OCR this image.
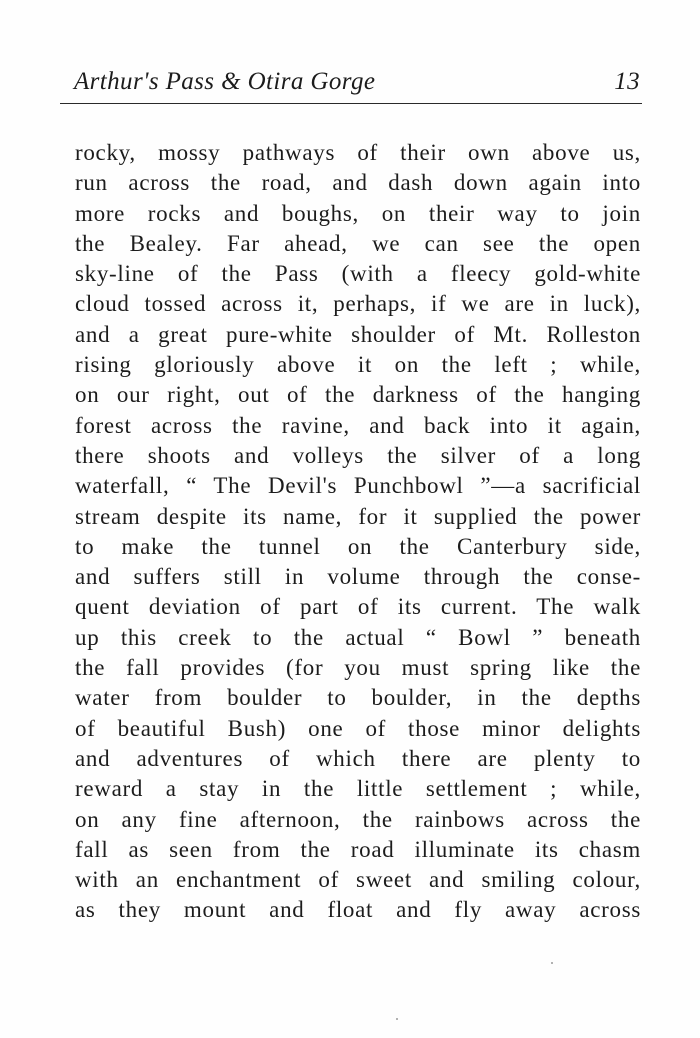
Arthur's Pass & Otira Gorge	13
rocky, mossy pathways of their own above us,
run across the road, and dash down again into
more rocks and boughs, on their way to join
the Bealey. Far ahead, we can see the open
sky-line of the Pass (with a fleecy gold-white
cloud tossed across it, perhaps, if we are in luck),
and a great pure-white shoulder of Mt. Rolleston
rising gloriously above it on the left ; while,
on our right, out of the darkness of the hanging
forest across the ravine, and back into it again,
there shoots and volleys the silver of a long
waterfall, “ The Devil's Punchbowl ”—a sacrificial
stream despite its name, for it supplied the power
to make the tunnel on the Canterbury side,
and suffers still in volume through the conse-
quent deviation of part of its current. The walk
up this creek to the actual “ Bowl ” beneath
the fall provides (for you must spring like the
water from boulder to boulder, in the depths
of beautiful Bush) one of those minor delights
and adventures of which there are plenty to
reward a stay in the little settlement ; while,
on any fine afternoon, the rainbows across the
fall as seen from the road illuminate its chasm
with an enchantment of sweet and smiling colour,
as they mount and float and fly away across
